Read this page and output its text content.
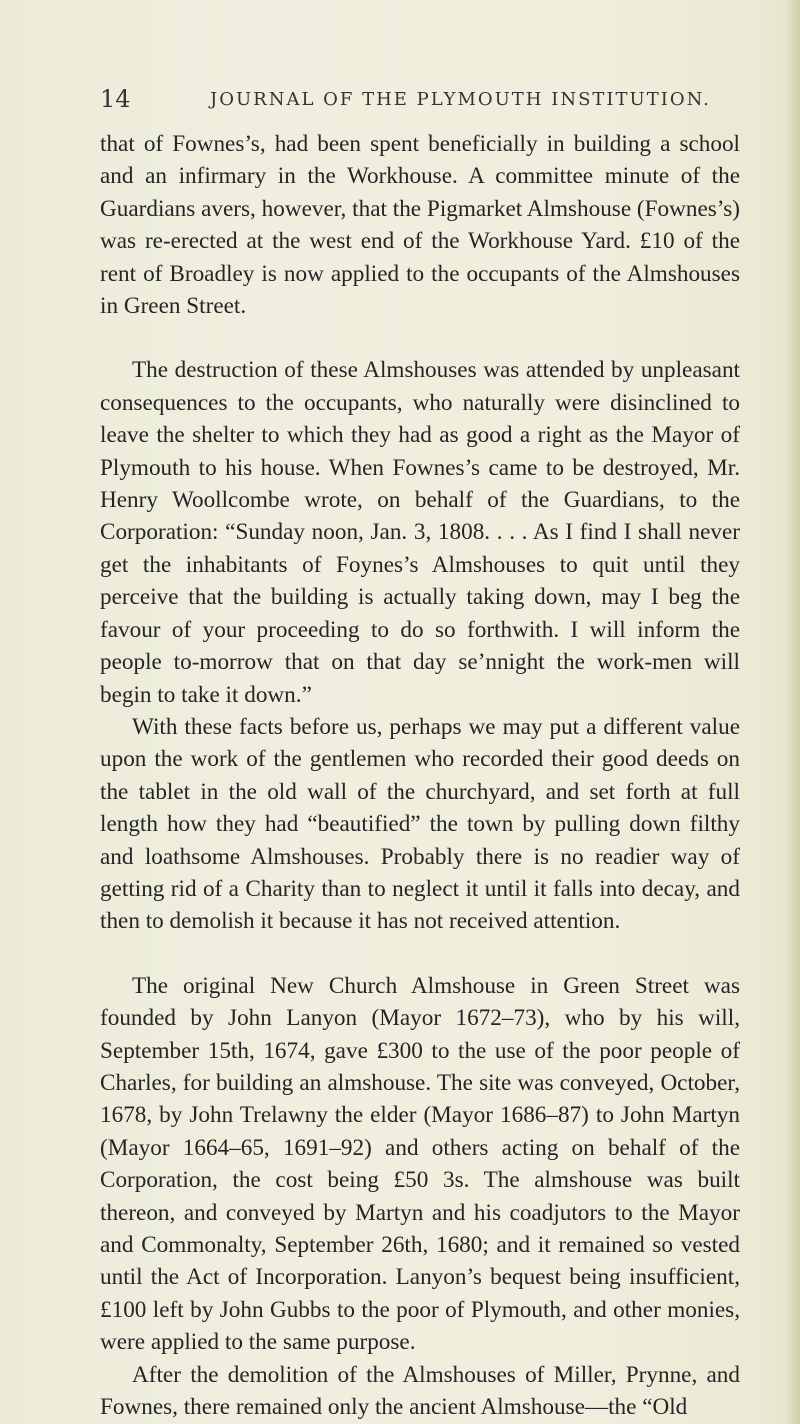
14	JOURNAL OF THE PLYMOUTH INSTITUTION.

that of Fownes’s, had been spent beneficially in building a school and an infirmary in the Workhouse. A committee minute of the Guardians avers, however, that the Pigmarket Almshouse (Fownes’s) was re-erected at the west end of the Workhouse Yard. £10 of the rent of Broadley is now applied to the occupants of the Almshouses in Green Street.

The destruction of these Almshouses was attended by unpleasant consequences to the occupants, who naturally were disinclined to leave the shelter to which they had as good a right as the Mayor of Plymouth to his house. When Fownes’s came to be destroyed, Mr. Henry Woollcombe wrote, on behalf of the Guardians, to the Corporation: “Sunday noon, Jan. 3, 1808. . . . As I find I shall never get the inhabitants of Foynes’s Almshouses to quit until they perceive that the building is actually taking down, may I beg the favour of your proceeding to do so forthwith. I will inform the people to-morrow that on that day se’nnight the work-men will begin to take it down.”

With these facts before us, perhaps we may put a different value upon the work of the gentlemen who recorded their good deeds on the tablet in the old wall of the churchyard, and set forth at full length how they had “beautified” the town by pulling down filthy and loathsome Almshouses. Probably there is no readier way of getting rid of a Charity than to neglect it until it falls into decay, and then to demolish it because it has not received attention.

The original New Church Almshouse in Green Street was founded by John Lanyon (Mayor 1672–73), who by his will, September 15th, 1674, gave £300 to the use of the poor people of Charles, for building an almshouse. The site was conveyed, October, 1678, by John Trelawny the elder (Mayor 1686–87) to John Martyn (Mayor 1664–65, 1691–92) and others acting on behalf of the Corporation, the cost being £50 3s. The almshouse was built thereon, and conveyed by Martyn and his coadjutors to the Mayor and Commonalty, September 26th, 1680; and it remained so vested until the Act of Incorporation. Lanyon’s bequest being insufficient, £100 left by John Gubbs to the poor of Plymouth, and other monies, were applied to the same purpose.

After the demolition of the Almshouses of Miller, Prynne, and Fownes, there remained only the ancient Almshouse—the “Old
